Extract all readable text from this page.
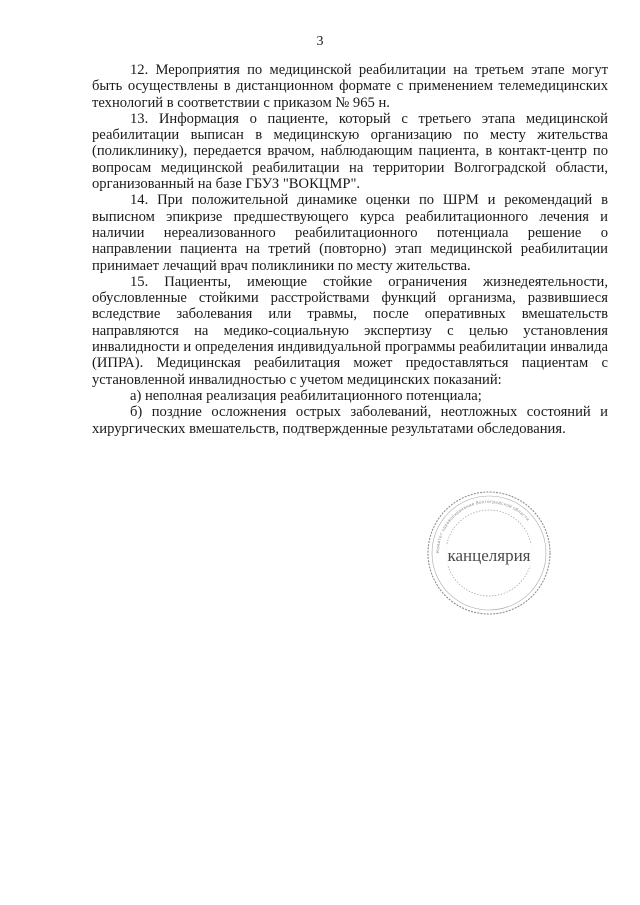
3

12. Мероприятия по медицинской реабилитации на третьем этапе могут быть осуществлены в дистанционном формате с применением телемедицинских технологий в соответствии с приказом № 965 н.

13. Информация о пациенте, который с третьего этапа медицинской реабилитации выписан в медицинскую организацию по месту жительства (поликлинику), передается врачом, наблюдающим пациента, в контакт-центр по вопросам медицинской реабилитации на территории Волгоградской области, организованный на базе ГБУЗ "ВОКЦМР".

14. При положительной динамике оценки по ШРМ и рекомендаций в выписном эпикризе предшествующего курса реабилитационного лечения и наличии нереализованного реабилитационного потенциала решение о направлении пациента на третий (повторно) этап медицинской реабилитации принимает лечащий врач поликлиники по месту жительства.

15. Пациенты, имеющие стойкие ограничения жизнедеятельности, обусловленные стойкими расстройствами функций организма, развившиеся вследствие заболевания или травмы, после оперативных вмешательств направляются на медико-социальную экспертизу с целью установления инвалидности и определения индивидуальной программы реабилитации инвалида (ИПРА). Медицинская реабилитация может предоставляться пациентам с установленной инвалидностью с учетом медицинских показаний:

а) неполная реализация реабилитационного потенциала;

б) поздние осложнения острых заболеваний, неотложных состояний и хирургических вмешательств, подтвержденные результатами обследования.

Комитет здравоохранения Волгоградской области
канцелярия
